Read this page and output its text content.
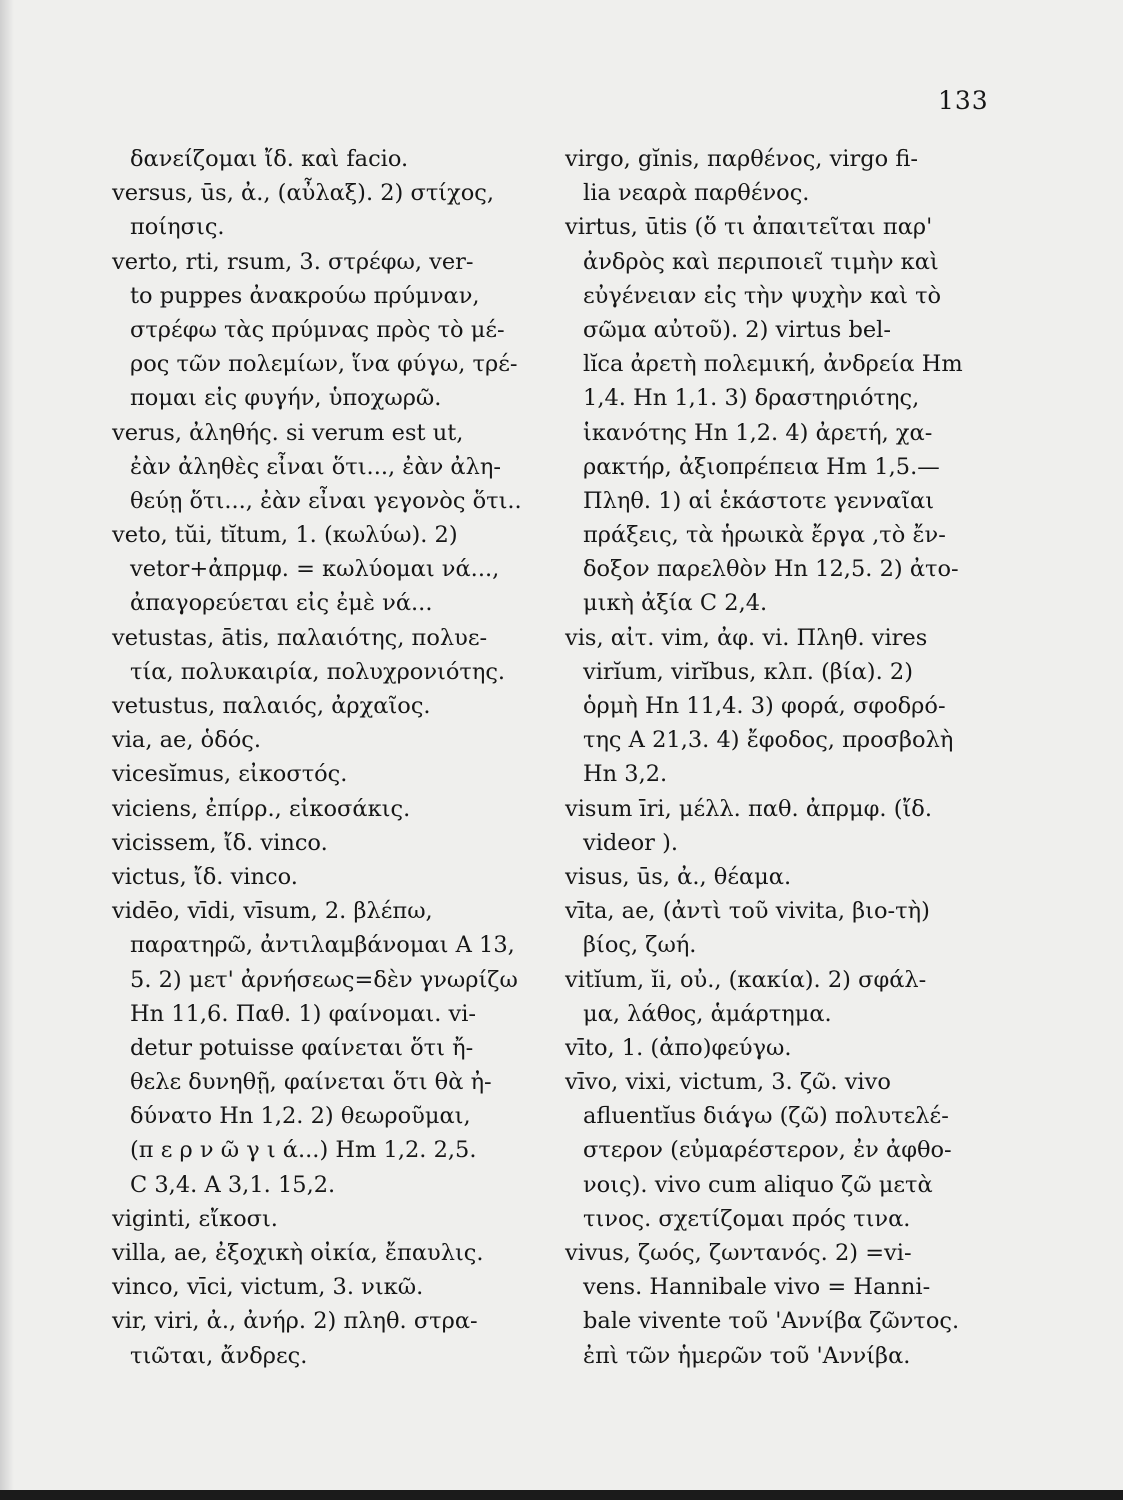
133
δανείζομαι ἴδ. καὶ facio.
versus, ūs, ἀ., (αὖλαξ). 2) στίχος,
ποίησις.
verto, rti, rsum, 3. στρέφω, ver-
to puppes ἀνακρούω πρύμναν,
στρέφω τὰς πρύμνας πρὸς τὸ μέ-
ρος τῶν πολεμίων, ἵνα φύγω, τρέ-
πομαι εἰς φυγήν, ὑποχωρῶ.
verus, ἀληθής. si verum est ut,
ἐὰν ἀληθὲς εἶναι ὅτι..., ἐὰν ἀλη-
θεύῃ ὅτι..., ἐὰν εἶναι γεγονὸς ὅτι..
veto, tŭi, tĭtum, 1. (κωλύω). 2)
vetor+ἀπρμφ. = κωλύομαι νά...,
ἀπαγορεύεται εἰς ἐμὲ νά...
vetustas, ātis, παλαιότης, πολυε-
τία, πολυκαιρία, πολυχρονιότης.
vetustus, παλαιός, ἀρχαῖος.
via, ae, ὁδός.
vicesĭmus, εἰκοστός.
viciens, ἐπίρρ., εἰκοσάκις.
vicissem, ἴδ. vinco.
victus, ἴδ. vinco.
vidēo, vīdi, vīsum, 2. βλέπω,
παρατηρῶ, ἀντιλαμβάνομαι Α 13,
5. 2) μετ' ἀρνήσεως=δὲν γνωρίζω
Hn 11,6. Παθ. 1) φαίνομαι. vi-
detur potuisse φαίνεται ὅτι ἤ-
θελε δυνηθῇ, φαίνεται ὅτι θὰ ἠ-
δύνατο Hn 1,2. 2) θεωροῦμαι,
(π ε ρ ν ῶ γ ι ά...) Hm 1,2. 2,5.
C 3,4. A 3,1. 15,2.
viginti, εἴκοσι.
villa, ae, ἐξοχικὴ οἰκία, ἔπαυλις.
vinco, vīci, victum, 3. νικῶ.
vir, viri, ἀ., ἀνήρ. 2) πληθ. στρα-
τιῶται, ἄνδρες.
virgo, gĭnis, παρθένος, virgo fi-
lia νεαρὰ παρθένος.
virtus, ūtis (ὅ τι ἀπαιτεῖται παρ'
ἀνδρὸς καὶ περιποιεῖ τιμὴν καὶ
εὐγένειαν εἰς τὴν ψυχὴν καὶ τὸ
σῶμα αὐτοῦ). 2) virtus bel-
lĭca ἀρετὴ πολεμική, ἀνδρεία Hm
1,4. Hn 1,1. 3) δραστηριότης,
ἱκανότης Hn 1,2. 4) ἀρετή, χα-
ρακτήρ, ἀξιοπρέπεια Hm 1,5.—
Πληθ. 1) αἱ ἑκάστοτε γενναῖαι
πράξεις, τὰ ἡρωικὰ ἔργα ,τὸ ἔν-
δοξον παρελθὸν Hn 12,5. 2) ἀτο-
μικὴ ἀξία C 2,4.
vis, αἰτ. vim, ἀφ. vi. Πληθ. vires
virĭum, virĭbus, κλπ. (βία). 2)
ὁρμὴ Hn 11,4. 3) φορά, σφοδρό-
της Α 21,3. 4) ἔφοδος, προσβολὴ
Hn 3,2.
visum īri, μέλλ. παθ. ἀπρμφ. (ἴδ.
videor ).
visus, ūs, ἀ., θέαμα.
vīta, ae, (ἀντὶ τοῦ vivita, βιο-τὴ)
βίος, ζωή.
vitĭum, ĭi, οὐ., (κακία). 2) σφάλ-
μα, λάθος, ἁμάρτημα.
vīto, 1. (ἀπο)φεύγω.
vīvo, vixi, victum, 3. ζῶ. vivo
afluentĭus διάγω (ζῶ) πολυτελέ-
στερον (εὐμαρέστερον, ἐν ἀφθο-
νοις). vivo cum aliquo ζῶ μετὰ
τινος. σχετίζομαι πρός τινα.
vivus, ζωός, ζωντανός. 2) =vi-
vens. Hannibale vivo = Hanni-
bale vivente τοῦ 'Αννίβα ζῶντος.
ἐπὶ τῶν ἡμερῶν τοῦ 'Αννίβα.
